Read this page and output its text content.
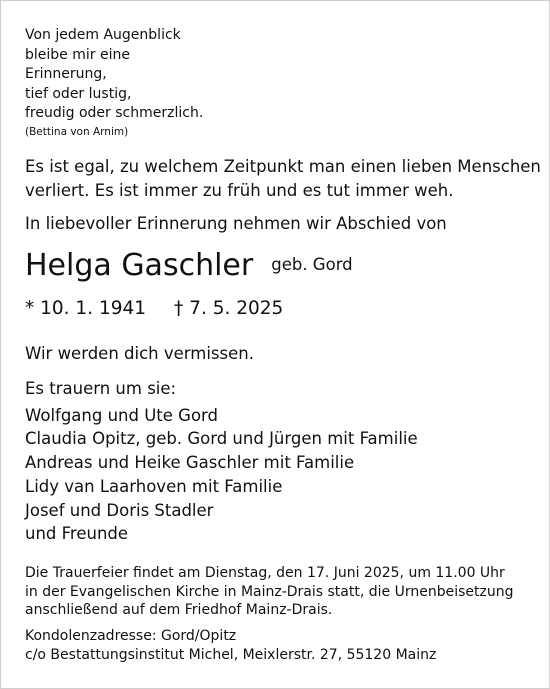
Von jedem Augenblick
bleibe mir eine
Erinnerung,
tief oder lustig,
freudig oder schmerzlich.
(Bettina von Arnim)
Es ist egal, zu welchem Zeitpunkt man einen lieben Menschen
verliert. Es ist immer zu früh und es tut immer weh.
In liebevoller Erinnerung nehmen wir Abschied von
Helga Gaschler geb. Gord
* 10. 1. 1941 † 7. 5. 2025
Wir werden dich vermissen.
Es trauern um sie:
Wolfgang und Ute Gord
Claudia Opitz, geb. Gord und Jürgen mit Familie
Andreas und Heike Gaschler mit Familie
Lidy van Laarhoven mit Familie
Josef und Doris Stadler
und Freunde
Die Trauerfeier findet am Dienstag, den 17. Juni 2025, um 11.00 Uhr
in der Evangelischen Kirche in Mainz-Drais statt, die Urnenbeisetzung
anschließend auf dem Friedhof Mainz-Drais.
Kondolenzadresse: Gord/Opitz
c/o Bestattungsinstitut Michel, Meixlerstr. 27, 55120 Mainz
